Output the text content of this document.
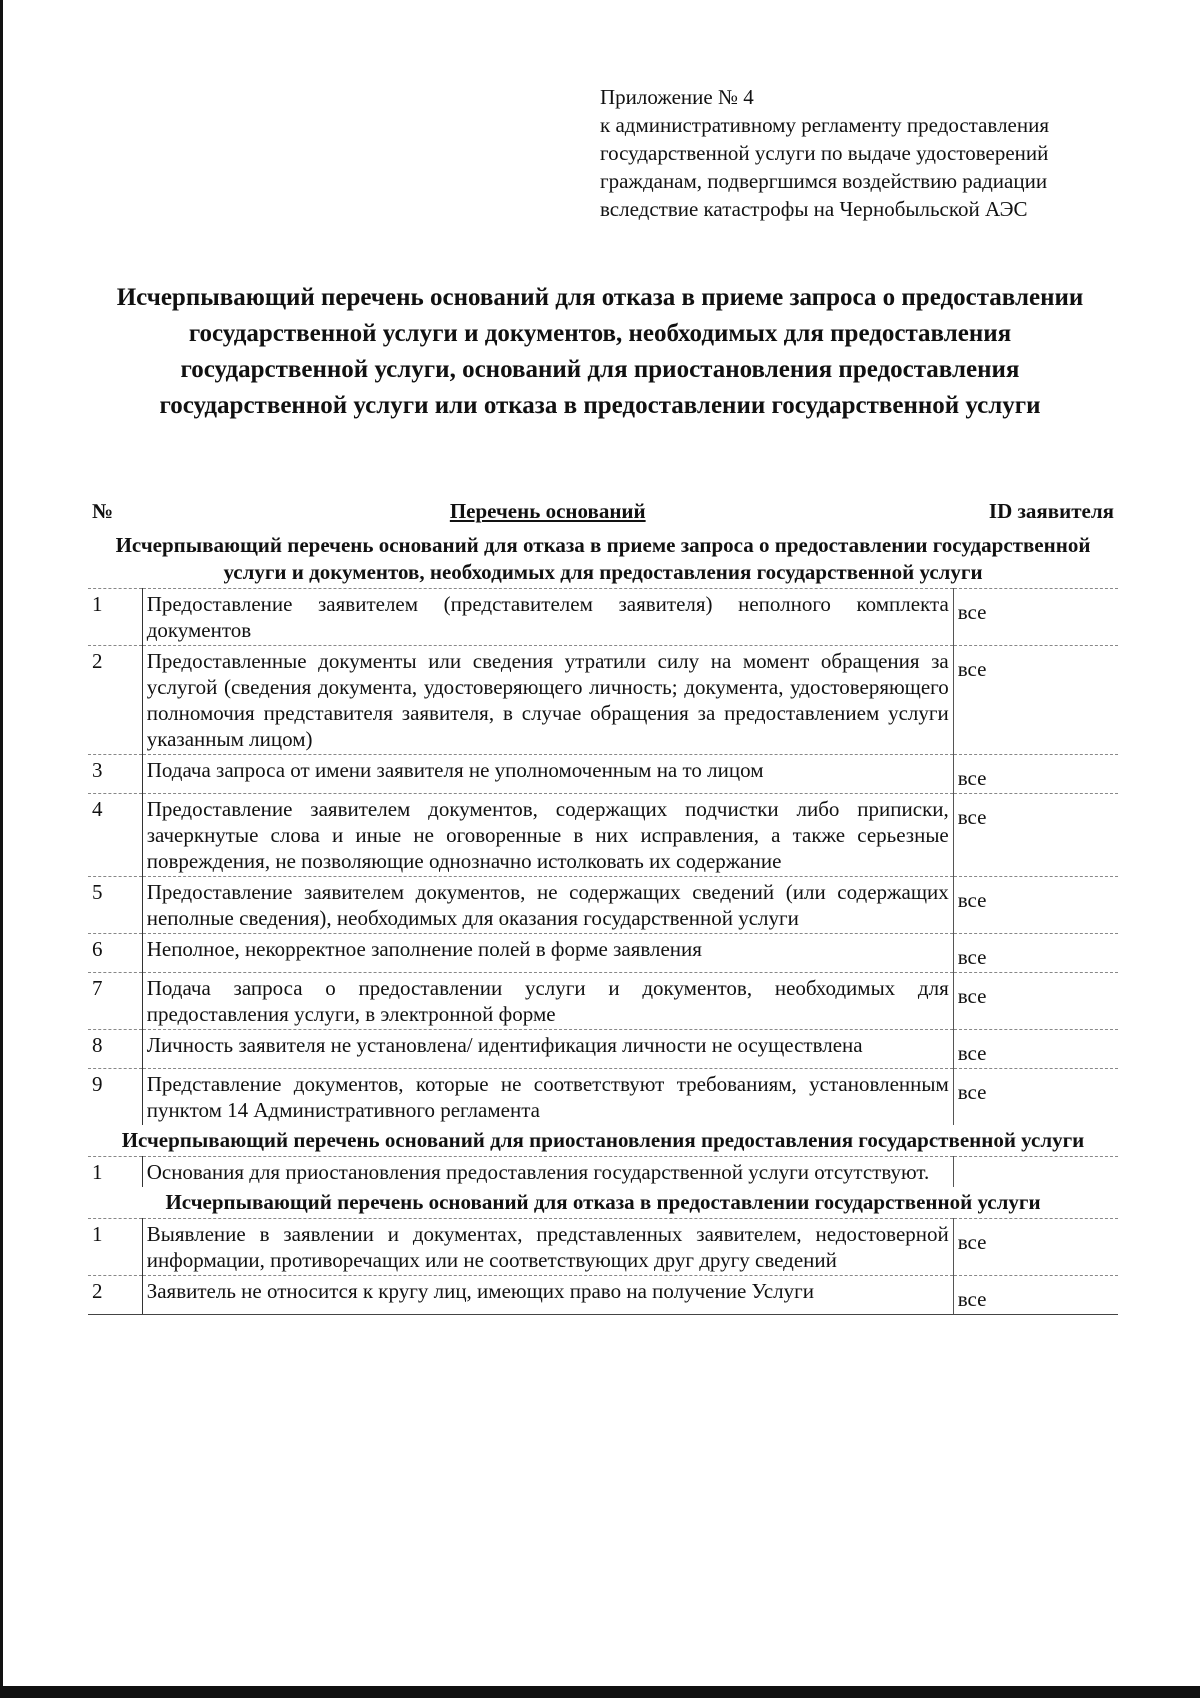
Приложение № 4
к административному регламенту предоставления
государственной услуги по выдаче удостоверений
гражданам, подвергшимся воздействию радиации
вследствие катастрофы на Чернобыльской АЭС
Исчерпывающий перечень оснований для отказа в приеме запроса о предоставлении государственной услуги и документов, необходимых для предоставления государственной услуги, оснований для приостановления предоставления государственной услуги или отказа в предоставлении государственной услуги
№	Перечень оснований	ID заявителя
Исчерпывающий перечень оснований для отказа в приеме запроса о предоставлении государственной услуги и документов, необходимых для предоставления государственной услуги		
1	Предоставление заявителем (представителем заявителя) неполного комплекта документов	все
2	Предоставленные документы или сведения утратили силу на момент обращения за услугой (сведения документа, удостоверяющего личность; документа, удостоверяющего полномочия представителя заявителя, в случае обращения за предоставлением услуги указанным лицом)	все
3	Подача запроса от имени заявителя не уполномоченным на то лицом	все
4	Предоставление заявителем документов, содержащих подчистки либо приписки, зачеркнутые слова и иные не оговоренные в них исправления, а также серьезные повреждения, не позволяющие однозначно истолковать их содержание	все
5	Предоставление заявителем документов, не содержащих сведений (или содержащих неполные сведения), необходимых для оказания государственной услуги	все
6	Неполное, некорректное заполнение полей в форме заявления	все
7	Подача запроса о предоставлении услуги и документов, необходимых для предоставления услуги, в электронной форме	все
8	Личность заявителя не установлена/ идентификация личности не осуществлена	все
9	Представление документов, которые не соответствуют требованиям, установленным пунктом 14 Административного регламента	все
Исчерпывающий перечень оснований для приостановления предоставления государственной услуги		
1	Основания для приостановления предоставления государственной услуги отсутствуют.	
Исчерпывающий перечень оснований для отказа в предоставлении государственной услуги		
1	Выявление в заявлении и документах, представленных заявителем, недостоверной информации, противоречащих или не соответствующих друг другу сведений	все
2	Заявитель не относится к кругу лиц, имеющих право на получение Услуги	все
